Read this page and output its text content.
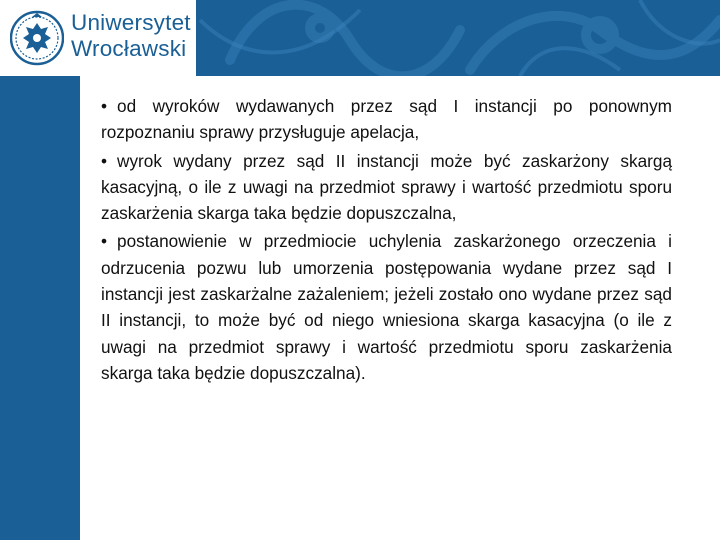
Uniwersytet
Wrocławski

• od wyroków wydawanych przez sąd I instancji po ponownym rozpoznaniu sprawy przysługuje apelacja,

• wyrok wydany przez sąd II instancji może być zaskarżony skargą kasacyjną, o ile z uwagi na przedmiot sprawy i wartość przedmiotu sporu zaskarżenia skarga taka będzie dopuszczalna,

• postanowienie w przedmiocie uchylenia zaskarżonego orzeczenia i odrzucenia pozwu lub umorzenia postępowania wydane przez sąd I instancji jest zaskarżalne zażaleniem; jeżeli zostało ono wydane przez sąd II instancji, to może być od niego wniesiona skarga kasacyjna (o ile z uwagi na przedmiot sprawy i wartość przedmiotu sporu zaskarżenia skarga taka będzie dopuszczalna).
